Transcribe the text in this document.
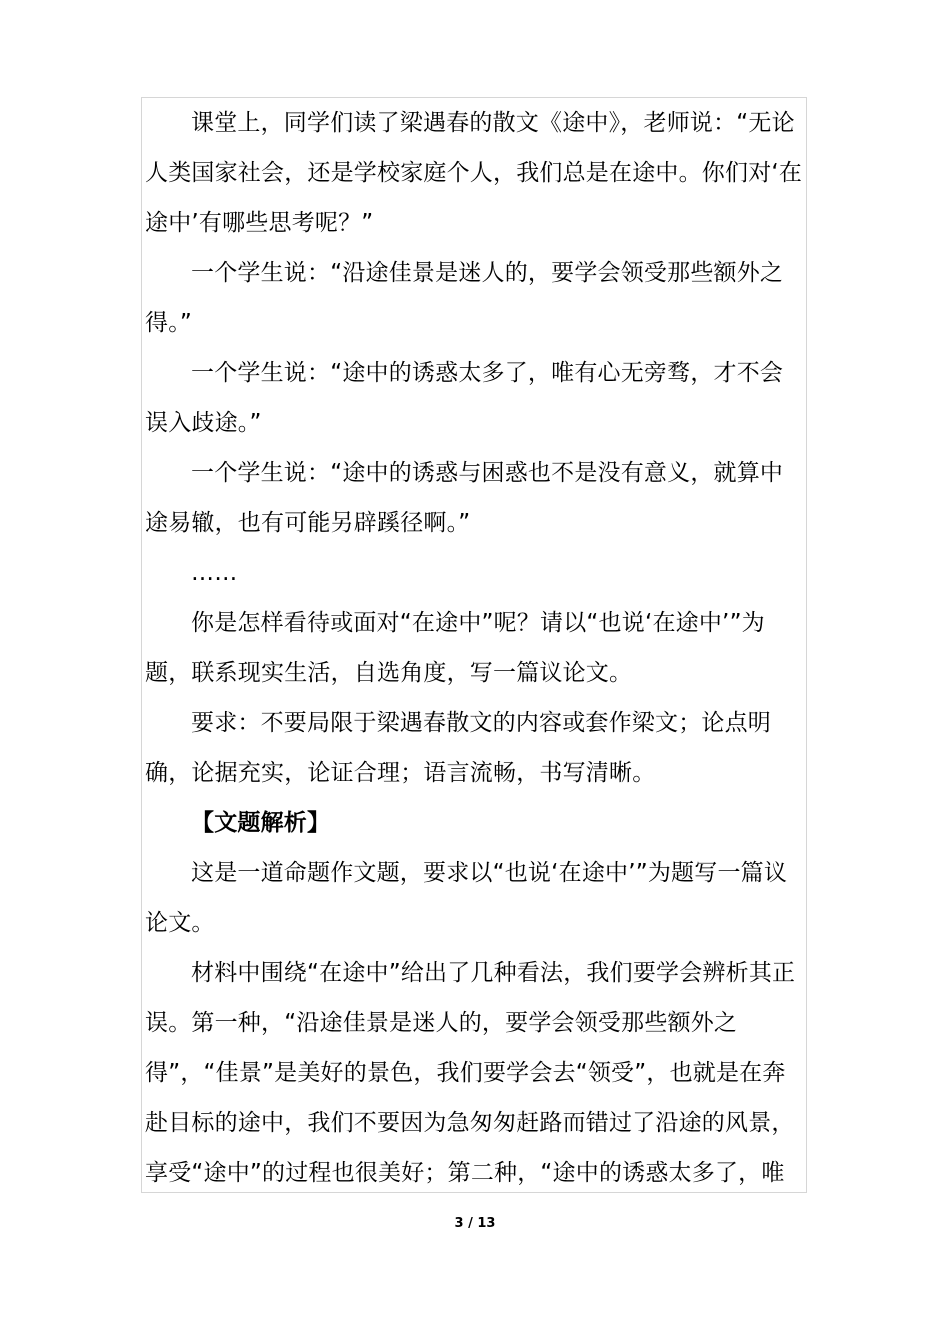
课堂上，同学们读了梁遇春的散文《途中》，老师说：“无论人类国家社会，还是学校家庭个人，我们总是在途中。你们对‘在途中’有哪些思考呢？”

一个学生说：“沿途佳景是迷人的，要学会领受那些额外之得。”

一个学生说：“途中的诱惑太多了，唯有心无旁骛，才不会误入歧途。”

一个学生说：“途中的诱惑与困惑也不是没有意义，就算中途易辙，也有可能另辟蹊径啊。”

……

你是怎样看待或面对“在途中”呢？请以“也说‘在途中’”为题，联系现实生活，自选角度，写一篇议论文。

要求：不要局限于梁遇春散文的内容或套作梁文；论点明确，论据充实，论证合理；语言流畅，书写清晰。

【文题解析】

这是一道命题作文题，要求以“也说‘在途中’”为题写一篇议论文。

材料中围绕“在途中”给出了几种看法，我们要学会辨析其正误。第一种，“沿途佳景是迷人的，要学会领受那些额外之得”，“佳景”是美好的景色，我们要学会去“领受”，也就是在奔赴目标的途中，我们不要因为急匆匆赶路而错过了沿途的风景，享受“途中”的过程也很美好；第二种，“途中的诱惑太多了，唯

3 / 13
